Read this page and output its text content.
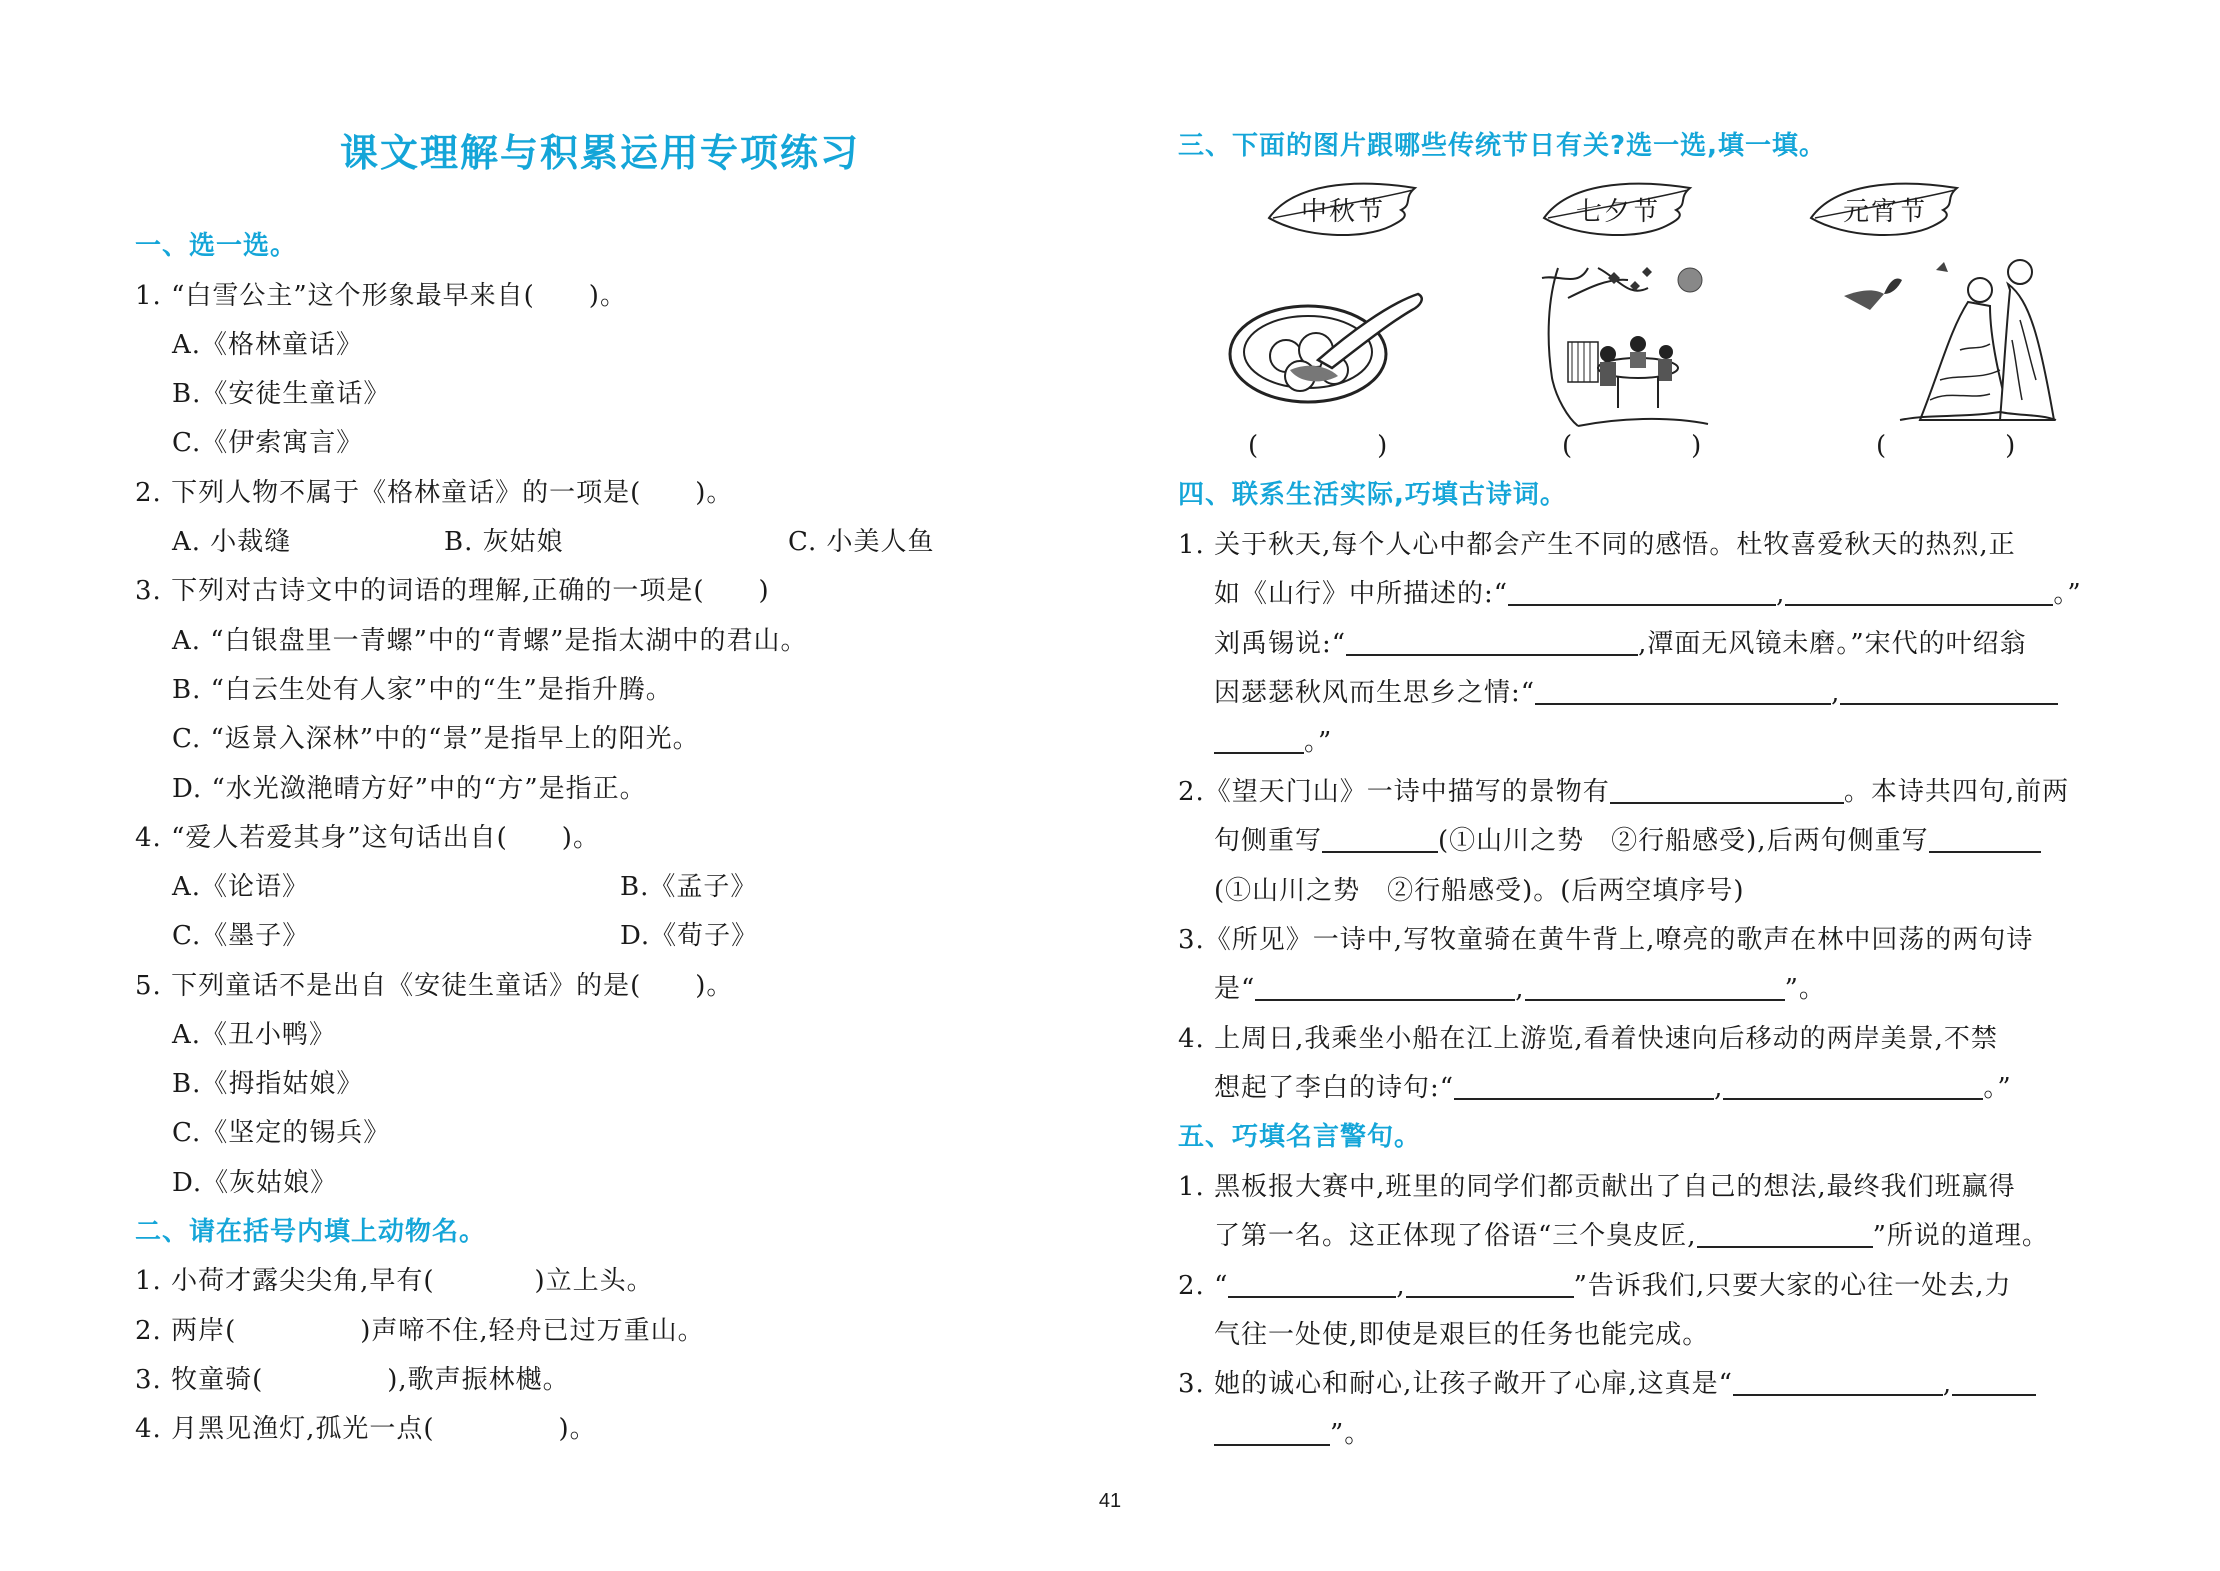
课文理解与积累运用专项练习
一、选一选。
1. “白雪公主”这个形象最早来自(　　)。
A.《格林童话》
B.《安徒生童话》
C.《伊索寓言》
2. 下列人物不属于《格林童话》的一项是(　　)。
A. 小裁缝	B. 灰姑娘	C. 小美人鱼
3. 下列对古诗文中的词语的理解,正确的一项是(　　)
A. “白银盘里一青螺”中的“青螺”是指太湖中的君山。
B. “白云生处有人家”中的“生”是指升腾。
C. “返景入深林”中的“景”是指早上的阳光。
D. “水光潋滟晴方好”中的“方”是指正。
4. “爱人若爱其身”这句话出自(　　)。
A.《论语》	B.《孟子》
C.《墨子》	D.《荀子》
5. 下列童话不是出自《安徒生童话》的是(　　)。
A.《丑小鸭》
B.《拇指姑娘》
C.《坚定的锡兵》
D.《灰姑娘》
二、请在括号内填上动物名。
1. 小荷才露尖尖角,早有(	)立上头。
2. 两岸(	)声啼不住,轻舟已过万重山。
3. 牧童骑(	),歌声振林樾。
4. 月黑见渔灯,孤光一点(	)。
三、下面的图片跟哪些传统节日有关?选一选,填一填。
中秋节	七夕节	元宵节
(	)	(	)	(	)
四、联系生活实际,巧填古诗词。
1. 关于秋天,每个人心中都会产生不同的感悟。杜牧喜爱秋天的热烈,正
如《山行》中所描述的:“	,	。”
刘禹锡说:“	,潭面无风镜未磨。”宋代的叶绍翁
因瑟瑟秋风而生思乡之情:“	,
。”
2.《望天门山》一诗中描写的景物有	。本诗共四句,前两
句侧重写	(①山川之势　②行船感受),后两句侧重写
(①山川之势　②行船感受)。(后两空填序号)
3.《所见》一诗中,写牧童骑在黄牛背上,嘹亮的歌声在林中回荡的两句诗
是“	,	”。
4. 上周日,我乘坐小船在江上游览,看着快速向后移动的两岸美景,不禁
想起了李白的诗句:“	,	。”
五、巧填名言警句。
1. 黑板报大赛中,班里的同学们都贡献出了自己的想法,最终我们班赢得
了第一名。这正体现了俗语“三个臭皮匠,	”所说的道理。
2. “	,	”告诉我们,只要大家的心往一处去,力
气往一处使,即使是艰巨的任务也能完成。
3. 她的诚心和耐心,让孩子敞开了心扉,这真是“	,
”。
41
